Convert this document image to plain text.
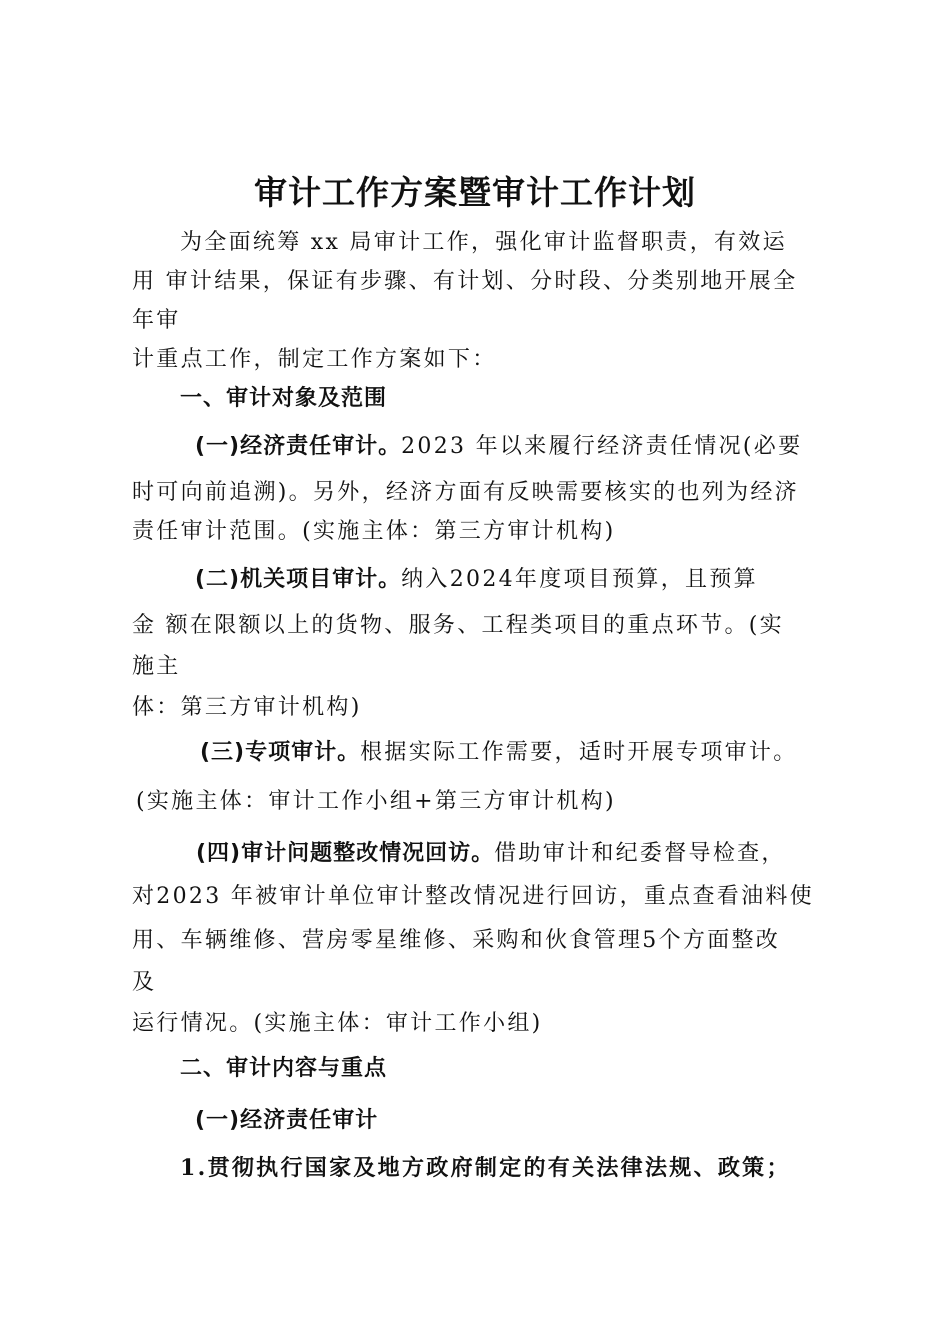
审计工作方案暨审计工作计划
为全面统筹 xx 局审计工作，强化审计监督职责，有效运
用 审计结果，保证有步骤、有计划、分时段、分类别地开展全
年审
计重点工作，制定工作方案如下：
一、审计对象及范围
(一)经济责任审计。2023 年以来履行经济责任情况(必要
时可向前追溯)。另外，经济方面有反映需要核实的也列为经济
责任审计范围。(实施主体：第三方审计机构)
(二)机关项目审计。纳入2024年度项目预算，且预算
金 额在限额以上的货物、服务、工程类项目的重点环节。(实
施主
体：第三方审计机构)
(三)专项审计。根据实际工作需要，适时开展专项审计。
(实施主体：审计工作小组+第三方审计机构)
(四)审计问题整改情况回访。借助审计和纪委督导检查，
对2023 年被审计单位审计整改情况进行回访，重点查看油料使
用、车辆维修、营房零星维修、采购和伙食管理5个方面整改
及
运行情况。(实施主体：审计工作小组)
二、审计内容与重点
(一)经济责任审计
1.贯彻执行国家及地方政府制定的有关法律法规、政策；
